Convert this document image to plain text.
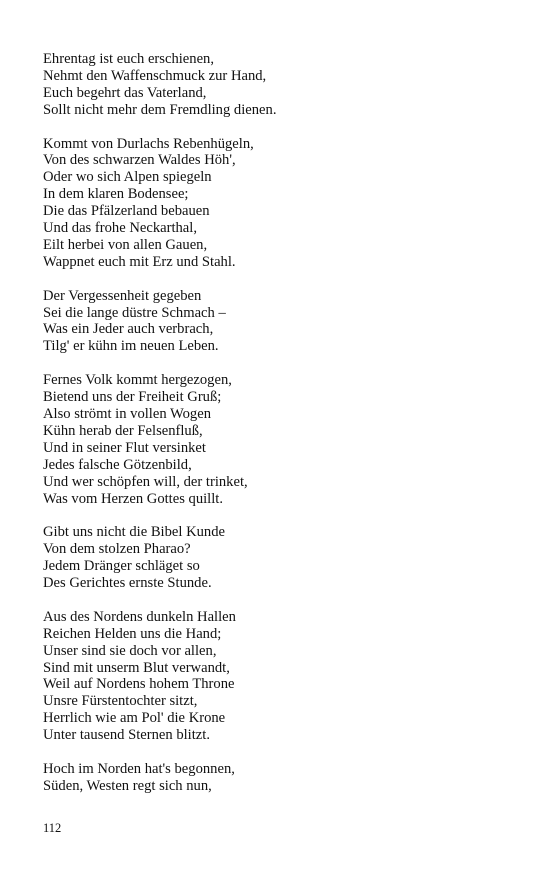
Ehrentag ist euch erschienen,
Nehmt den Waffenschmuck zur Hand,
Euch begehrt das Vaterland,
Sollt nicht mehr dem Fremdling dienen.
Kommt von Durlachs Rebenhügeln,
Von des schwarzen Waldes Höh',
Oder wo sich Alpen spiegeln
In dem klaren Bodensee;
Die das Pfälzerland bebauen
Und das frohe Neckarthal,
Eilt herbei von allen Gauen,
Wappnet euch mit Erz und Stahl.
Der Vergessenheit gegeben
Sei die lange düstre Schmach –
Was ein Jeder auch verbrach,
Tilg' er kühn im neuen Leben.
Fernes Volk kommt hergezogen,
Bietend uns der Freiheit Gruß;
Also strömt in vollen Wogen
Kühn herab der Felsenfluß,
Und in seiner Flut versinket
Jedes falsche Götzenbild,
Und wer schöpfen will, der trinket,
Was vom Herzen Gottes quillt.
Gibt uns nicht die Bibel Kunde
Von dem stolzen Pharao?
Jedem Dränger schläget so
Des Gerichtes ernste Stunde.
Aus des Nordens dunkeln Hallen
Reichen Helden uns die Hand;
Unser sind sie doch vor allen,
Sind mit unserm Blut verwandt,
Weil auf Nordens hohem Throne
Unsre Fürstentochter sitzt,
Herrlich wie am Pol' die Krone
Unter tausend Sternen blitzt.
Hoch im Norden hat's begonnen,
Süden, Westen regt sich nun,
112
